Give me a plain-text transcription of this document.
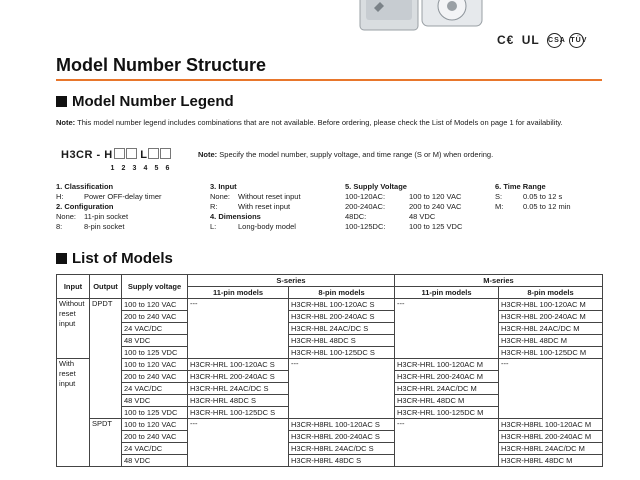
C€ UL CSA TÜV
Model Number Structure
Model Number Legend
Note: This model number legend includes combinations that are not available. Before ordering, please check the List of Models on page 1 for availability.
H3CR - H	L
1 2 3 4 5 6
Note: Specify the model number, supply voltage, and time range (S or M) when ordering.
1. Classification
H:	Power OFF-delay timer
2. Configuration
None:	11-pin socket
8:	8-pin socket
3. Input
None:	Without reset input
R:	With reset input
4. Dimensions
L:	Long-body model
5. Supply Voltage
100-120AC:	100 to 120 VAC
200-240AC:	200 to 240 VAC
48DC:	48 VDC
100-125DC:	100 to 125 VDC
6. Time Range
S:	0.05 to 12 s
M:	0.05 to 12 min
List of Models
Input	Output	Supply voltage	S-series		M-series	
			11-pin models	8-pin models	11-pin models	8-pin models
Without reset input	DPDT	100 to 120 VAC	---	H3CR-H8L 100-120AC S	---	H3CR-H8L 100-120AC M
		200 to 240 VAC		H3CR-H8L 200-240AC S		H3CR-H8L 200-240AC M
		24 VAC/DC		H3CR-H8L 24AC/DC S		H3CR-H8L 24AC/DC M
		48 VDC		H3CR-H8L 48DC S		H3CR-H8L 48DC M
		100 to 125 VDC		H3CR-H8L 100-125DC S		H3CR-H8L 100-125DC M
With reset input		100 to 120 VAC	H3CR-HRL 100-120AC S	---	H3CR-HRL 100-120AC M	---
		200 to 240 VAC	H3CR-HRL 200-240AC S		H3CR-HRL 200-240AC M	
		24 VAC/DC	H3CR-HRL 24AC/DC S		H3CR-HRL 24AC/DC M	
		48 VDC	H3CR-HRL 48DC S		H3CR-HRL 48DC M	
		100 to 125 VDC	H3CR-HRL 100-125DC S		H3CR-HRL 100-125DC M	
	SPDT	100 to 120 VAC	---	H3CR-H8RL 100-120AC S	---	H3CR-H8RL 100-120AC M
		200 to 240 VAC		H3CR-H8RL 200-240AC S		H3CR-H8RL 200-240AC M
		24 VAC/DC		H3CR-H8RL 24AC/DC S		H3CR-H8RL 24AC/DC M
		48 VDC		H3CR-H8RL 48DC S		H3CR-H8RL 48DC M
